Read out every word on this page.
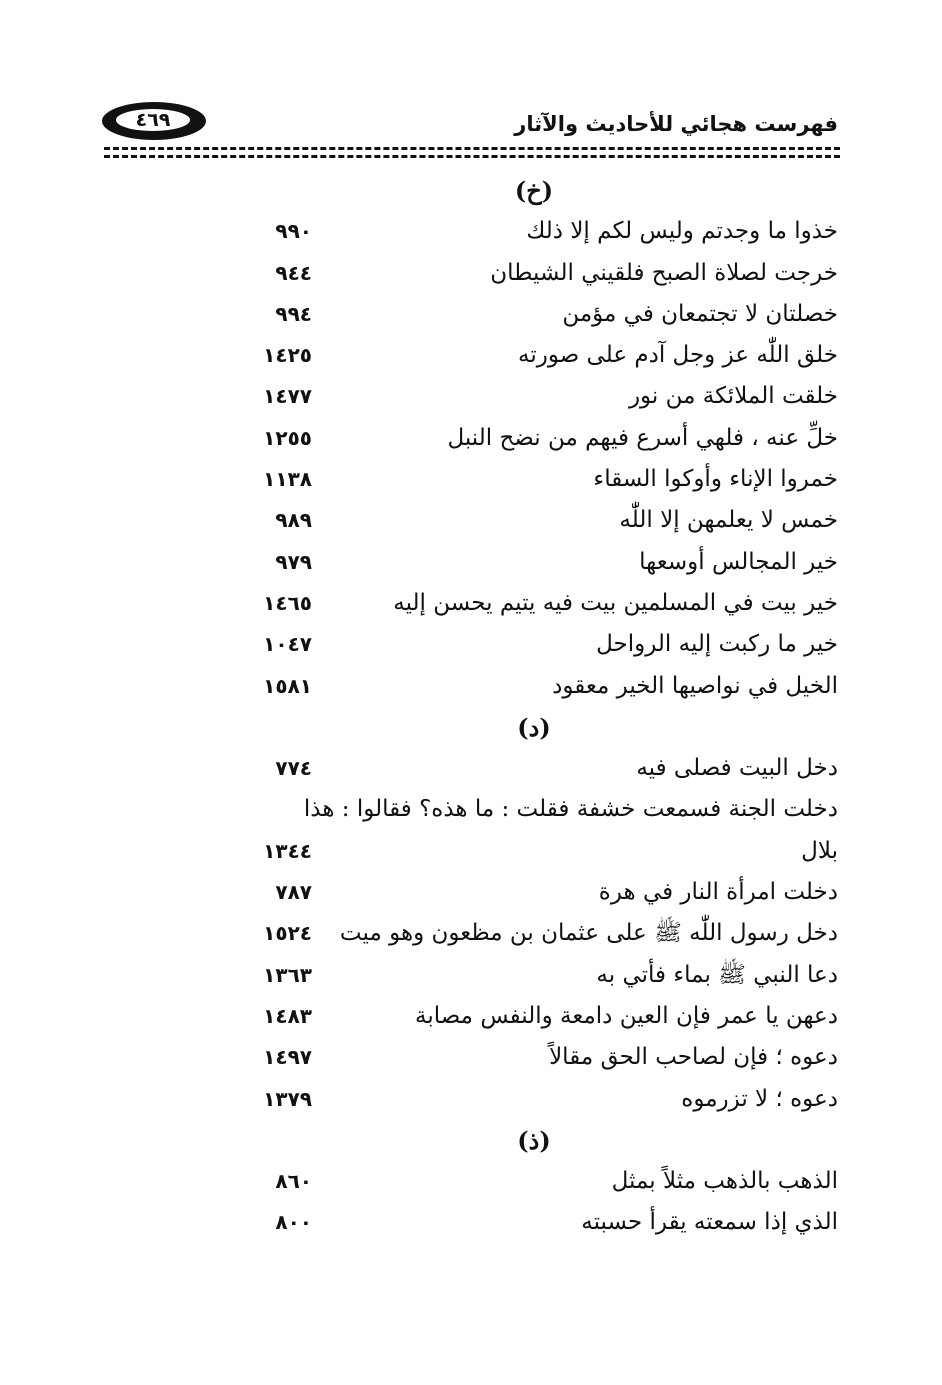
٤٦٩	فهرست هجائي للأحاديث والآثار
(خ)
خذوا ما وجدتم وليس لكم إلا ذلك
٩٩٠
خرجت لصلاة الصبح فلقيني الشيطان
٩٤٤
خصلتان لا تجتمعان في مؤمن
٩٩٤
خلق اللّٰه عز وجل آدم على صورته
١٤٢٥
خلقت الملائكة من نور
١٤٧٧
خلِّ عنه ، فلهي أسرع فيهم من نضح النبل
١٢٥٥
خمروا الإناء وأوكوا السقاء
١١٣٨
خمس لا يعلمهن إلا اللّٰه
٩٨٩
خير المجالس أوسعها
٩٧٩
خير بيت في المسلمين بيت فيه يتيم يحسن إليه
١٤٦٥
خير ما ركبت إليه الرواحل
١٠٤٧
الخيل في نواصيها الخير معقود
١٥٨١
(د)
دخل البيت فصلى فيه
٧٧٤
دخلت الجنة فسمعت خشفة فقلت : ما هذه؟ فقالوا : هذا
بلال
١٣٤٤
دخلت امرأة النار في هرة
٧٨٧
دخل رسول اللّٰه ﷺ على عثمان بن مظعون وهو ميت
١٥٢٤
دعا النبي ﷺ بماء فأتي به
١٣٦٣
دعهن يا عمر فإن العين دامعة والنفس مصابة
١٤٨٣
دعوه ؛ فإن لصاحب الحق مقالاً
١٤٩٧
دعوه ؛ لا تزرموه
١٣٧٩
(ذ)
الذهب بالذهب مثلاً بمثل
٨٦٠
الذي إذا سمعته يقرأ حسبته
٨٠٠
